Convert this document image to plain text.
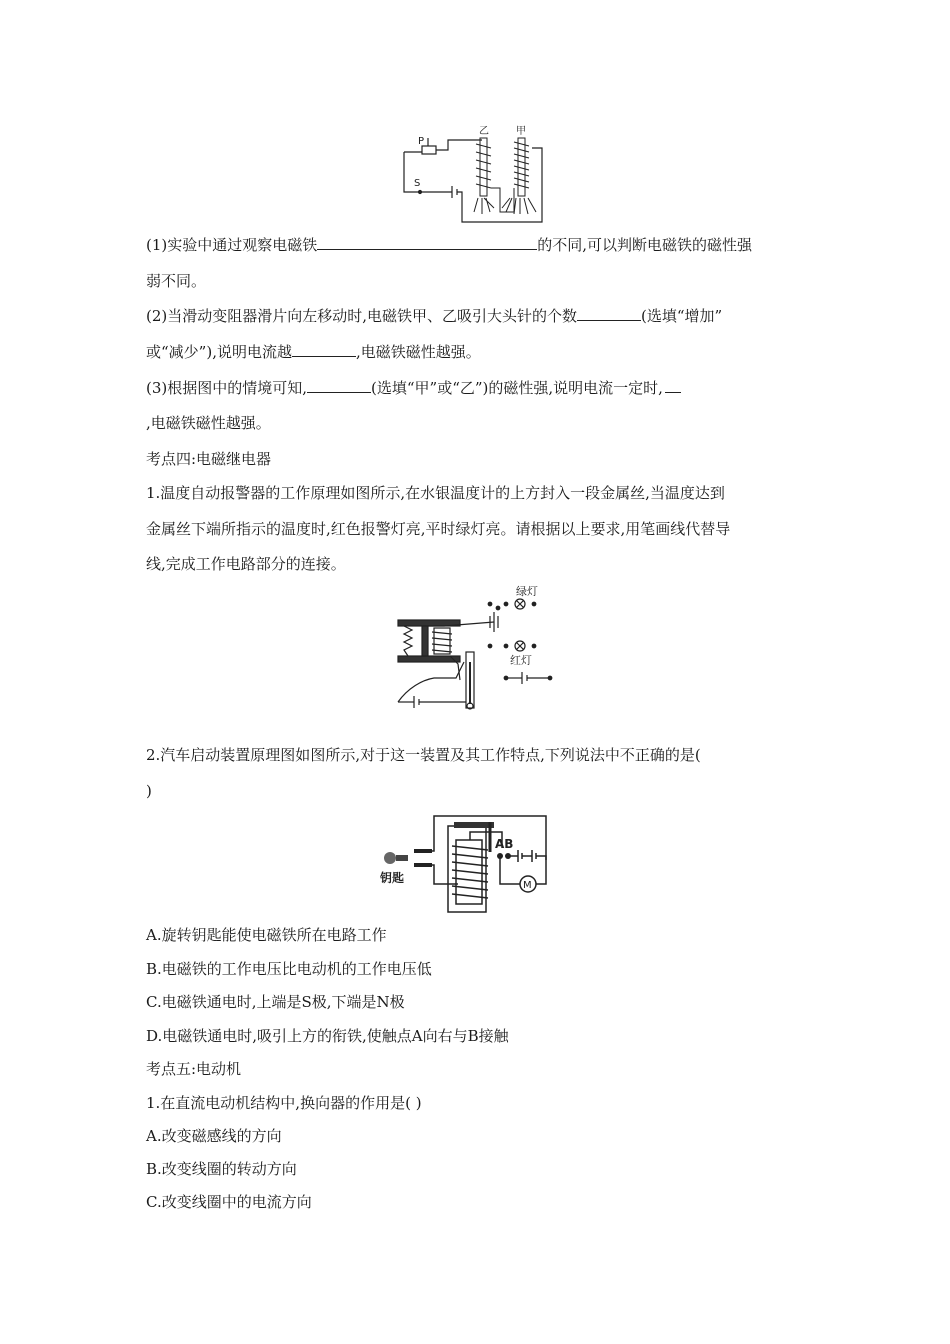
P
S
乙	甲
(1)实验中通过观察电磁铁	的不同,可以判断电磁铁的磁性强
弱不同。
(2)当滑动变阻器滑片向左移动时,电磁铁甲、乙吸引大头针的个数	(选填“增加”
或“减少”),说明电流越	,电磁铁磁性越强。
(3)根据图中的情境可知,	(选填“甲”或“乙”)的磁性强,说明电流一定时,
,电磁铁磁性越强。
考点四:电磁继电器
1.温度自动报警器的工作原理如图所示,在水银温度计的上方封入一段金属丝,当温度达到
金属丝下端所指示的温度时,红色报警灯亮,平时绿灯亮。请根据以上要求,用笔画线代替导
线,完成工作电路部分的连接。
绿灯
红灯
2.汽车启动装置原理图如图所示,对于这一装置及其工作特点,下列说法中不正确的是(
)
AB
M
钥匙
A.旋转钥匙能使电磁铁所在电路工作
B.电磁铁的工作电压比电动机的工作电压低
C.电磁铁通电时,上端是S极,下端是N极
D.电磁铁通电时,吸引上方的衔铁,使触点A向右与B接触
考点五:电动机
1.在直流电动机结构中,换向器的作用是( )
A.改变磁感线的方向
B.改变线圈的转动方向
C.改变线圈中的电流方向
